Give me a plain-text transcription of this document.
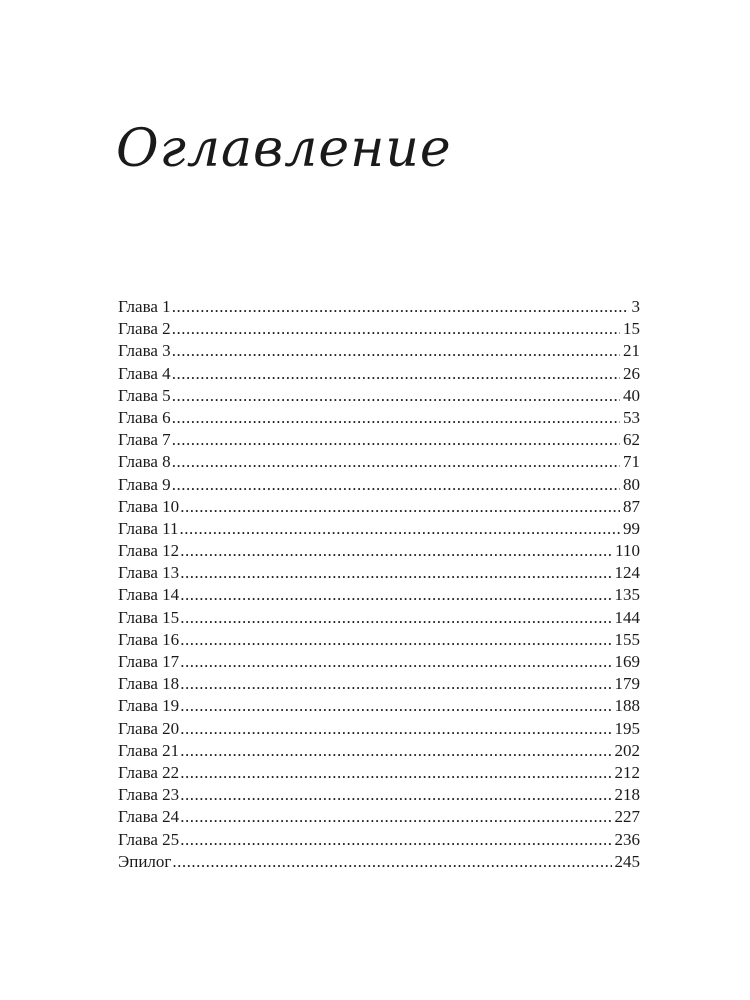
Оглавление
Глава 1 .....	3
Глава 2 .....	15
Глава 3 .....	21
Глава 4 .....	26
Глава 5 .....	40
Глава 6 .....	53
Глава 7 .....	62
Глава 8 .....	71
Глава 9 .....	80
Глава 10 .....	87
Глава 11 .....	99
Глава 12 .....	110
Глава 13 .....	124
Глава 14 .....	135
Глава 15 .....	144
Глава 16 .....	155
Глава 17 .....	169
Глава 18 .....	179
Глава 19 .....	188
Глава 20 .....	195
Глава 21 .....	202
Глава 22 .....	212
Глава 23 .....	218
Глава 24 .....	227
Глава 25 .....	236
Эпилог .....	245
